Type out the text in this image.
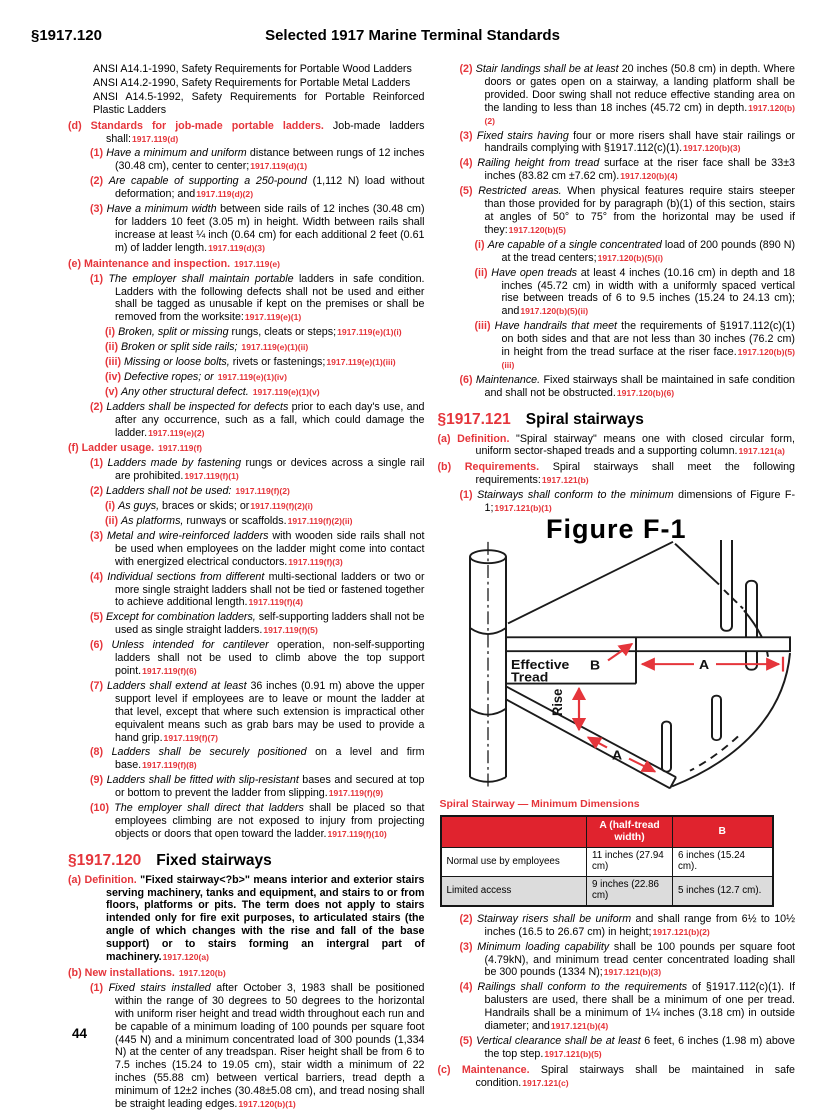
§1917.120	Selected 1917 Marine Terminal Standards
ANSI A14.1-1990, Safety Requirements for Portable Wood Ladders
ANSI A14.2-1990, Safety Requirements for Portable Metal Ladders
ANSI A14.5-1992, Safety Requirements for Portable Reinforced Plastic Ladders
(d) Standards for job-made portable ladders. Job-made ladders shall:1917.119(d)
(1) Have a minimum and uniform distance between rungs of 12 inches (30.48 cm), center to center;1917.119(d)(1)
(2) Are capable of supporting a 250-pound (1,112 N) load without deformation; and1917.119(d)(2)
(3) Have a minimum width between side rails of 12 inches (30.48 cm) for ladders 10 feet (3.05 m) in height. Width between rails shall increase at least ¼ inch (0.64 cm) for each additional 2 feet (0.61 m) of ladder length.1917.119(d)(3)
(e) Maintenance and inspection. 1917.119(e)
(1) The employer shall maintain portable ladders in safe condition. Ladders with the following defects shall not be used and either shall be tagged as unusable if kept on the premises or shall be removed from the worksite:1917.119(e)(1)
(i) Broken, split or missing rungs, cleats or steps;1917.119(e)(1)(i)
(ii) Broken or split side rails; 1917.119(e)(1)(ii)
(iii) Missing or loose bolts, rivets or fastenings;1917.119(e)(1)(iii)
(iv) Defective ropes; or 1917.119(e)(1)(iv)
(v) Any other structural defect. 1917.119(e)(1)(v)
(2) Ladders shall be inspected for defects prior to each day's use, and after any occurrence, such as a fall, which could damage the ladder.1917.119(e)(2)
(f) Ladder usage. 1917.119(f)
(1) Ladders made by fastening rungs or devices across a single rail are prohibited.1917.119(f)(1)
(2) Ladders shall not be used: 1917.119(f)(2)
(i) As guys, braces or skids; or1917.119(f)(2)(i)
(ii) As platforms, runways or scaffolds.1917.119(f)(2)(ii)
(3) Metal and wire-reinforced ladders with wooden side rails shall not be used when employees on the ladder might come into contact with energized electrical conductors.1917.119(f)(3)
(4) Individual sections from different multi-sectional ladders or two or more single straight ladders shall not be tied or fastened together to achieve additional length.1917.119(f)(4)
(5) Except for combination ladders, self-supporting ladders shall not be used as single straight ladders.1917.119(f)(5)
(6) Unless intended for cantilever operation, non-self-supporting ladders shall not be used to climb above the top support point.1917.119(f)(6)
(7) Ladders shall extend at least 36 inches (0.91 m) above the upper support level if employees are to leave or mount the ladder at that level, except that where such extension is impractical other equivalent means such as grab bars may be used to provide a hand grip.1917.119(f)(7)
(8) Ladders shall be securely positioned on a level and firm base.1917.119(f)(8)
(9) Ladders shall be fitted with slip-resistant bases and secured at top or bottom to prevent the ladder from slipping.1917.119(f)(9)
(10) The employer shall direct that ladders shall be placed so that employees climbing are not exposed to injury from projecting objects or doors that open toward the ladder.1917.119(f)(10)
§1917.120 Fixed stairways
(a) Definition. "Fixed stairway<?b>" means interior and exterior stairs serving machinery, tanks and equipment, and stairs to or from floors, platforms or pits. The term does not apply to stairs intended only for fire exit purposes, to articulated stairs (the angle of which changes with the rise and fall of the base support) or to stairs forming an intergral part of machinery.1917.120(a)
(b) New installations. 1917.120(b)
(1) Fixed stairs installed after October 3, 1983 shall be positioned within the range of 30 degrees to 50 degrees to the horizontal with uniform riser height and tread width throughout each run and be capable of a minimum loading of 100 pounds per square foot (445 N) and a minimum concentrated load of 300 pounds (1,334 N) at the center of any treadspan. Riser height shall be from 6 to 7.5 inches (15.24 to 19.05 cm), stair width a minimum of 22 inches (55.88 cm) between vertical barriers, tread depth a minimum of 12±2 inches (30.48±5.08 cm), and tread nosing shall be straight leading edges.1917.120(b)(1)
(2) Stair landings shall be at least 20 inches (50.8 cm) in depth. Where doors or gates open on a stairway, a landing platform shall be provided. Door swing shall not reduce effective standing area on the landing to less than 18 inches (45.72 cm) in depth.1917.120(b)(2)
(3) Fixed stairs having four or more risers shall have stair railings or handrails complying with §1917.112(c)(1).1917.120(b)(3)
(4) Railing height from tread surface at the riser face shall be 33±3 inches (83.82 cm ±7.62 cm).1917.120(b)(4)
(5) Restricted areas. When physical features require stairs steeper than those provided for by paragraph (b)(1) of this section, stairs at angles of 50° to 75° from the horizontal may be used if they:1917.120(b)(5)
(i) Are capable of a single concentrated load of 200 pounds (890 N) at the tread centers;1917.120(b)(5)(i)
(ii) Have open treads at least 4 inches (10.16 cm) in depth and 18 inches (45.72 cm) in width with a uniformly spaced vertical rise between treads of 6 to 9.5 inches (15.24 to 24.13 cm); and1917.120(b)(5)(ii)
(iii) Have handrails that meet the requirements of §1917.112(c)(1) on both sides and that are not less than 30 inches (76.2 cm) in height from the tread surface at the riser face.1917.120(b)(5)(iii)
(6) Maintenance. Fixed stairways shall be maintained in safe condition and shall not be obstructed.1917.120(b)(6)
§1917.121 Spiral stairways
(a) Definition. "Spiral stairway" means one with closed circular form, uniform sector-shaped treads and a supporting column.1917.121(a)
(b) Requirements. Spiral stairways shall meet the following requirements:1917.121(b)
(1) Stairways shall conform to the minimum dimensions of Figure F-1;1917.121(b)(1)
Figure F-1
Effective
Tread
B	A
Rise
A
Spiral Stairway — Minimum Dimensions
	A (half-tread width)	B
Normal use by employees	11 inches (27.94 cm)	6 inches (15.24 cm).
Limited access	9 inches (22.86 cm)	5 inches (12.7 cm).
(2) Stairway risers shall be uniform and shall range from 6½ to 10½ inches (16.5 to 26.67 cm) in height;1917.121(b)(2)
(3) Minimum loading capability shall be 100 pounds per square foot (4.79kN), and minimum tread center concentrated loading shall be 300 pounds (1334 N);1917.121(b)(3)
(4) Railings shall conform to the requirements of §1917.112(c)(1). If balusters are used, there shall be a minimum of one per tread. Handrails shall be a minimum of 1¼ inches (3.18 cm) in outside diameter; and1917.121(b)(4)
(5) Vertical clearance shall be at least 6 feet, 6 inches (1.98 m) above the top step.1917.121(b)(5)
(c) Maintenance. Spiral stairways shall be maintained in safe condition.1917.121(c)
44
